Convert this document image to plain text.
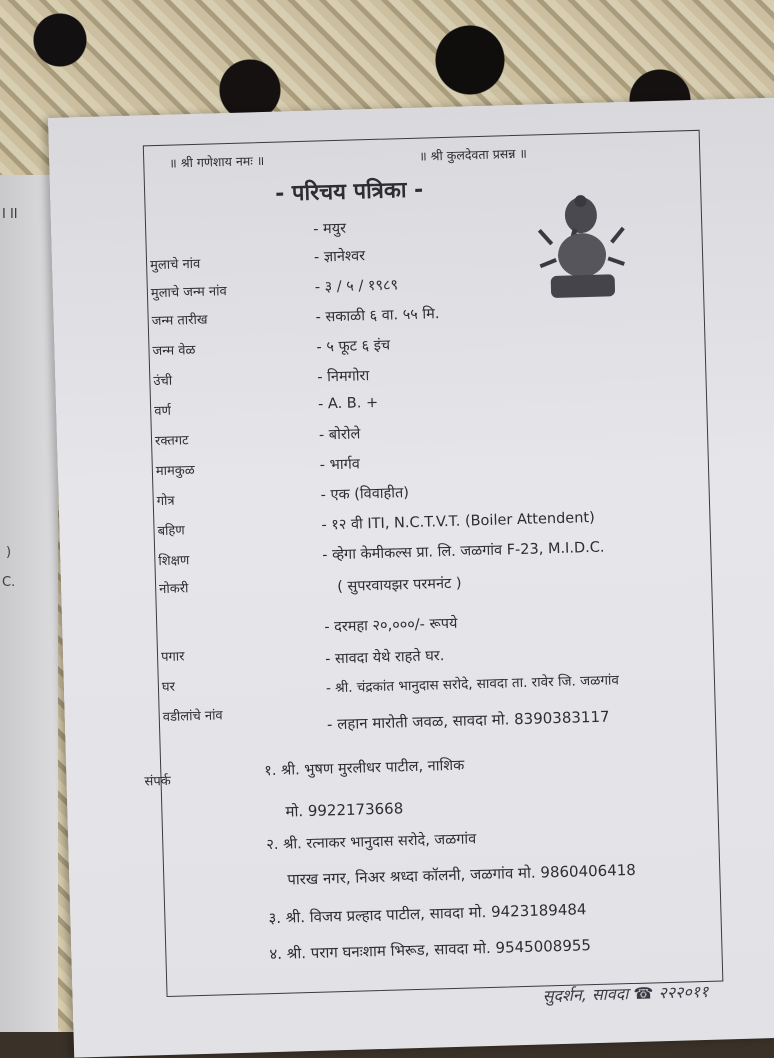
I II
)
C.
॥ श्री गणेशाय नमः ॥	॥ श्री कुलदेवता प्रसन्न ॥
- परिचय पत्रिका -
मुलाचे नांव
मुलाचे जन्म नांव
जन्म तारीख
जन्म वेळ
उंची
वर्ण
रक्तगट
मामकुळ
गोत्र
बहिण
शिक्षण
नोकरी
पगार
घर
वडीलांचे नांव
- मयुर
- ज्ञानेश्वर
- ३ / ५ / १९८९
- सकाळी ६ वा. ५५ मि.
- ५ फूट ६ इंच
- निमगोरा
- A. B. +
- बोरोले
- भार्गव
- एक (विवाहीत)
- १२ वी ITI, N.C.T.V.T. (Boiler Attendent)
- व्हेगा केमीकल्स प्रा. लि. जळगांव F-23, M.I.D.C.
( सुपरवायझर परमनंट )
- दरमहा २०,०००/- रूपये
- सावदा येथे राहते घर.
- श्री. चंद्रकांत भानुदास सरोदे, सावदा ता. रावेर जि. जळगांव
- लहान मारोती जवळ, सावदा मो. 8390383117
संपर्क
१. श्री. भुषण मुरलीधर पाटील, नाशिक
मो. 9922173668
२. श्री. रत्नाकर भानुदास सरोदे, जळगांव
पारख नगर, निअर श्रध्दा कॉलनी, जळगांव मो. 9860406418
३. श्री. विजय प्रल्हाद पाटील, सावदा मो. 9423189484
४. श्री. पराग घनःशाम भिरूड, सावदा मो. 9545008955
सुदर्शन, सावदा ☎ २२२०११
